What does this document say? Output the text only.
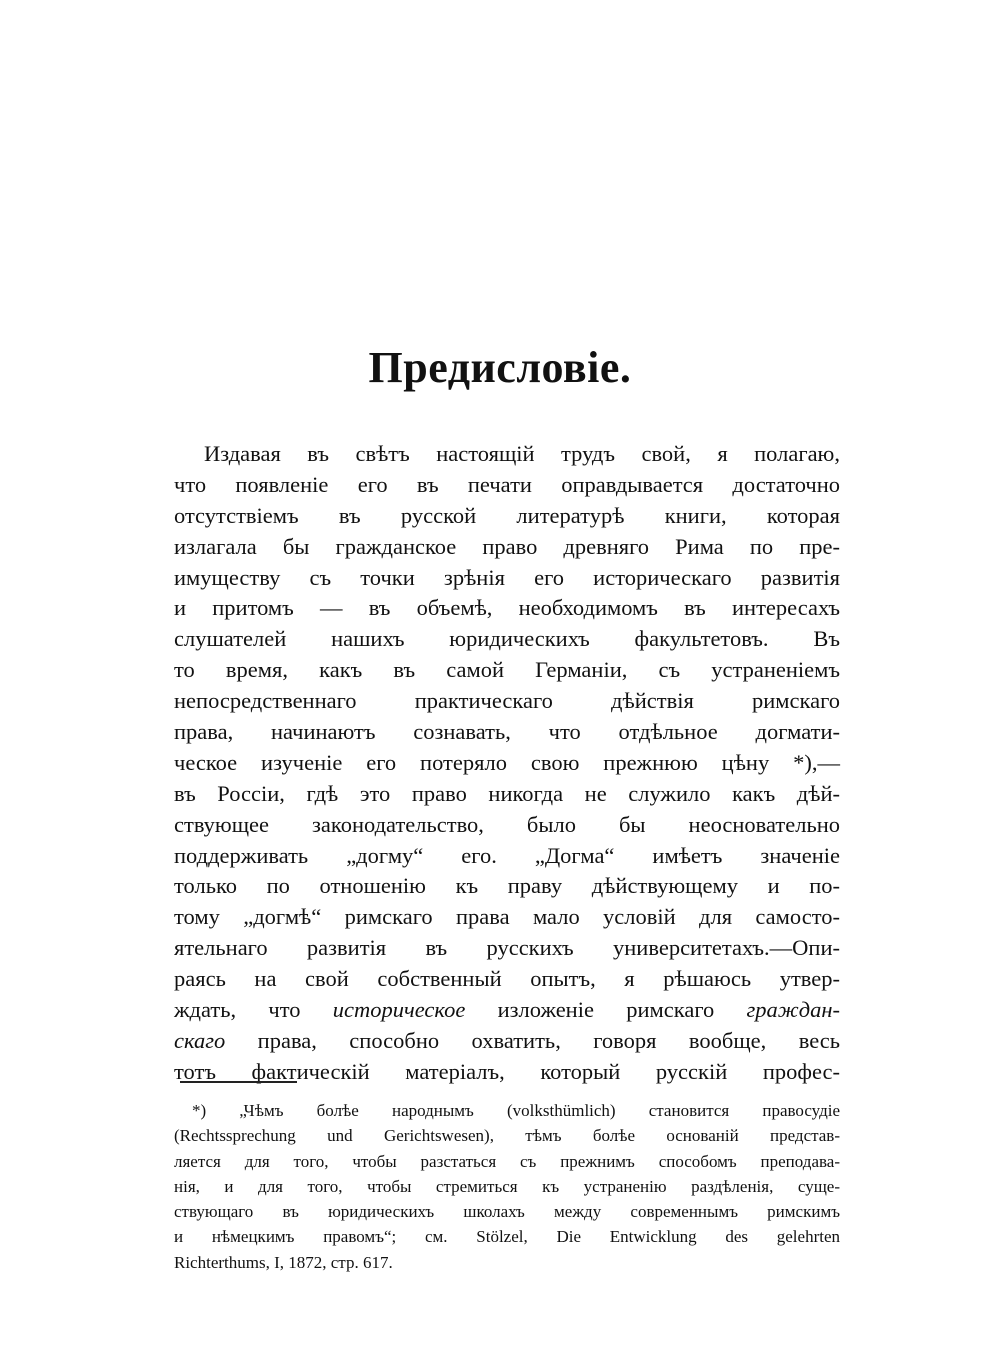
Предисловіе.
Издавая въ свѣтъ настоящій трудъ свой, я полагаю,
что появленіе его въ печати оправдывается достаточно
отсутствіемъ въ русской литературѣ книги, которая
излагала бы гражданское право древняго Рима по пре-
имуществу съ точки зрѣнія его историческаго развитія
и притомъ — въ объемѣ, необходимомъ въ интересахъ
слушателей нашихъ юридическихъ факультетовъ. Въ
то время, какъ въ самой Германіи, съ устраненіемъ
непосредственнаго практическаго дѣйствія римскаго
права, начинаютъ сознавать, что отдѣльное догмати-
ческое изученіе его потеряло свою прежнюю цѣну *),—
въ Россіи, гдѣ это право никогда не служило какъ дѣй-
ствующее законодательство, было бы неосновательно
поддерживать „догму“ его. „Догма“ имѣетъ значеніе
только по отношенію къ праву дѣйствующему и по-
тому „догмѣ“ римскаго права мало условій для самосто-
ятельнаго развитія въ русскихъ университетахъ.—Опи-
раясь на свой собственный опытъ, я рѣшаюсь утвер-
ждать, что историческое изложеніе римскаго граждан-
скаго права, способно охватить, говоря вообще, весь
тотъ фактическій матеріалъ, который русскій профес-
*) „Чѣмъ болѣе народнымъ (volksthümlich) становится правосудіе
(Rechtssprechung und Gerichtswesen), тѣмъ болѣе основаній представ-
ляется для того, чтобы разстаться съ прежнимъ способомъ преподава-
нія, и для того, чтобы стремиться къ устраненію раздѣленія, суще-
ствующаго въ юридическихъ школахъ между современнымъ римскимъ
и нѣмецкимъ правомъ“; см. Stölzel, Die Entwicklung des gelehrten
Richterthums, I, 1872, стр. 617.
